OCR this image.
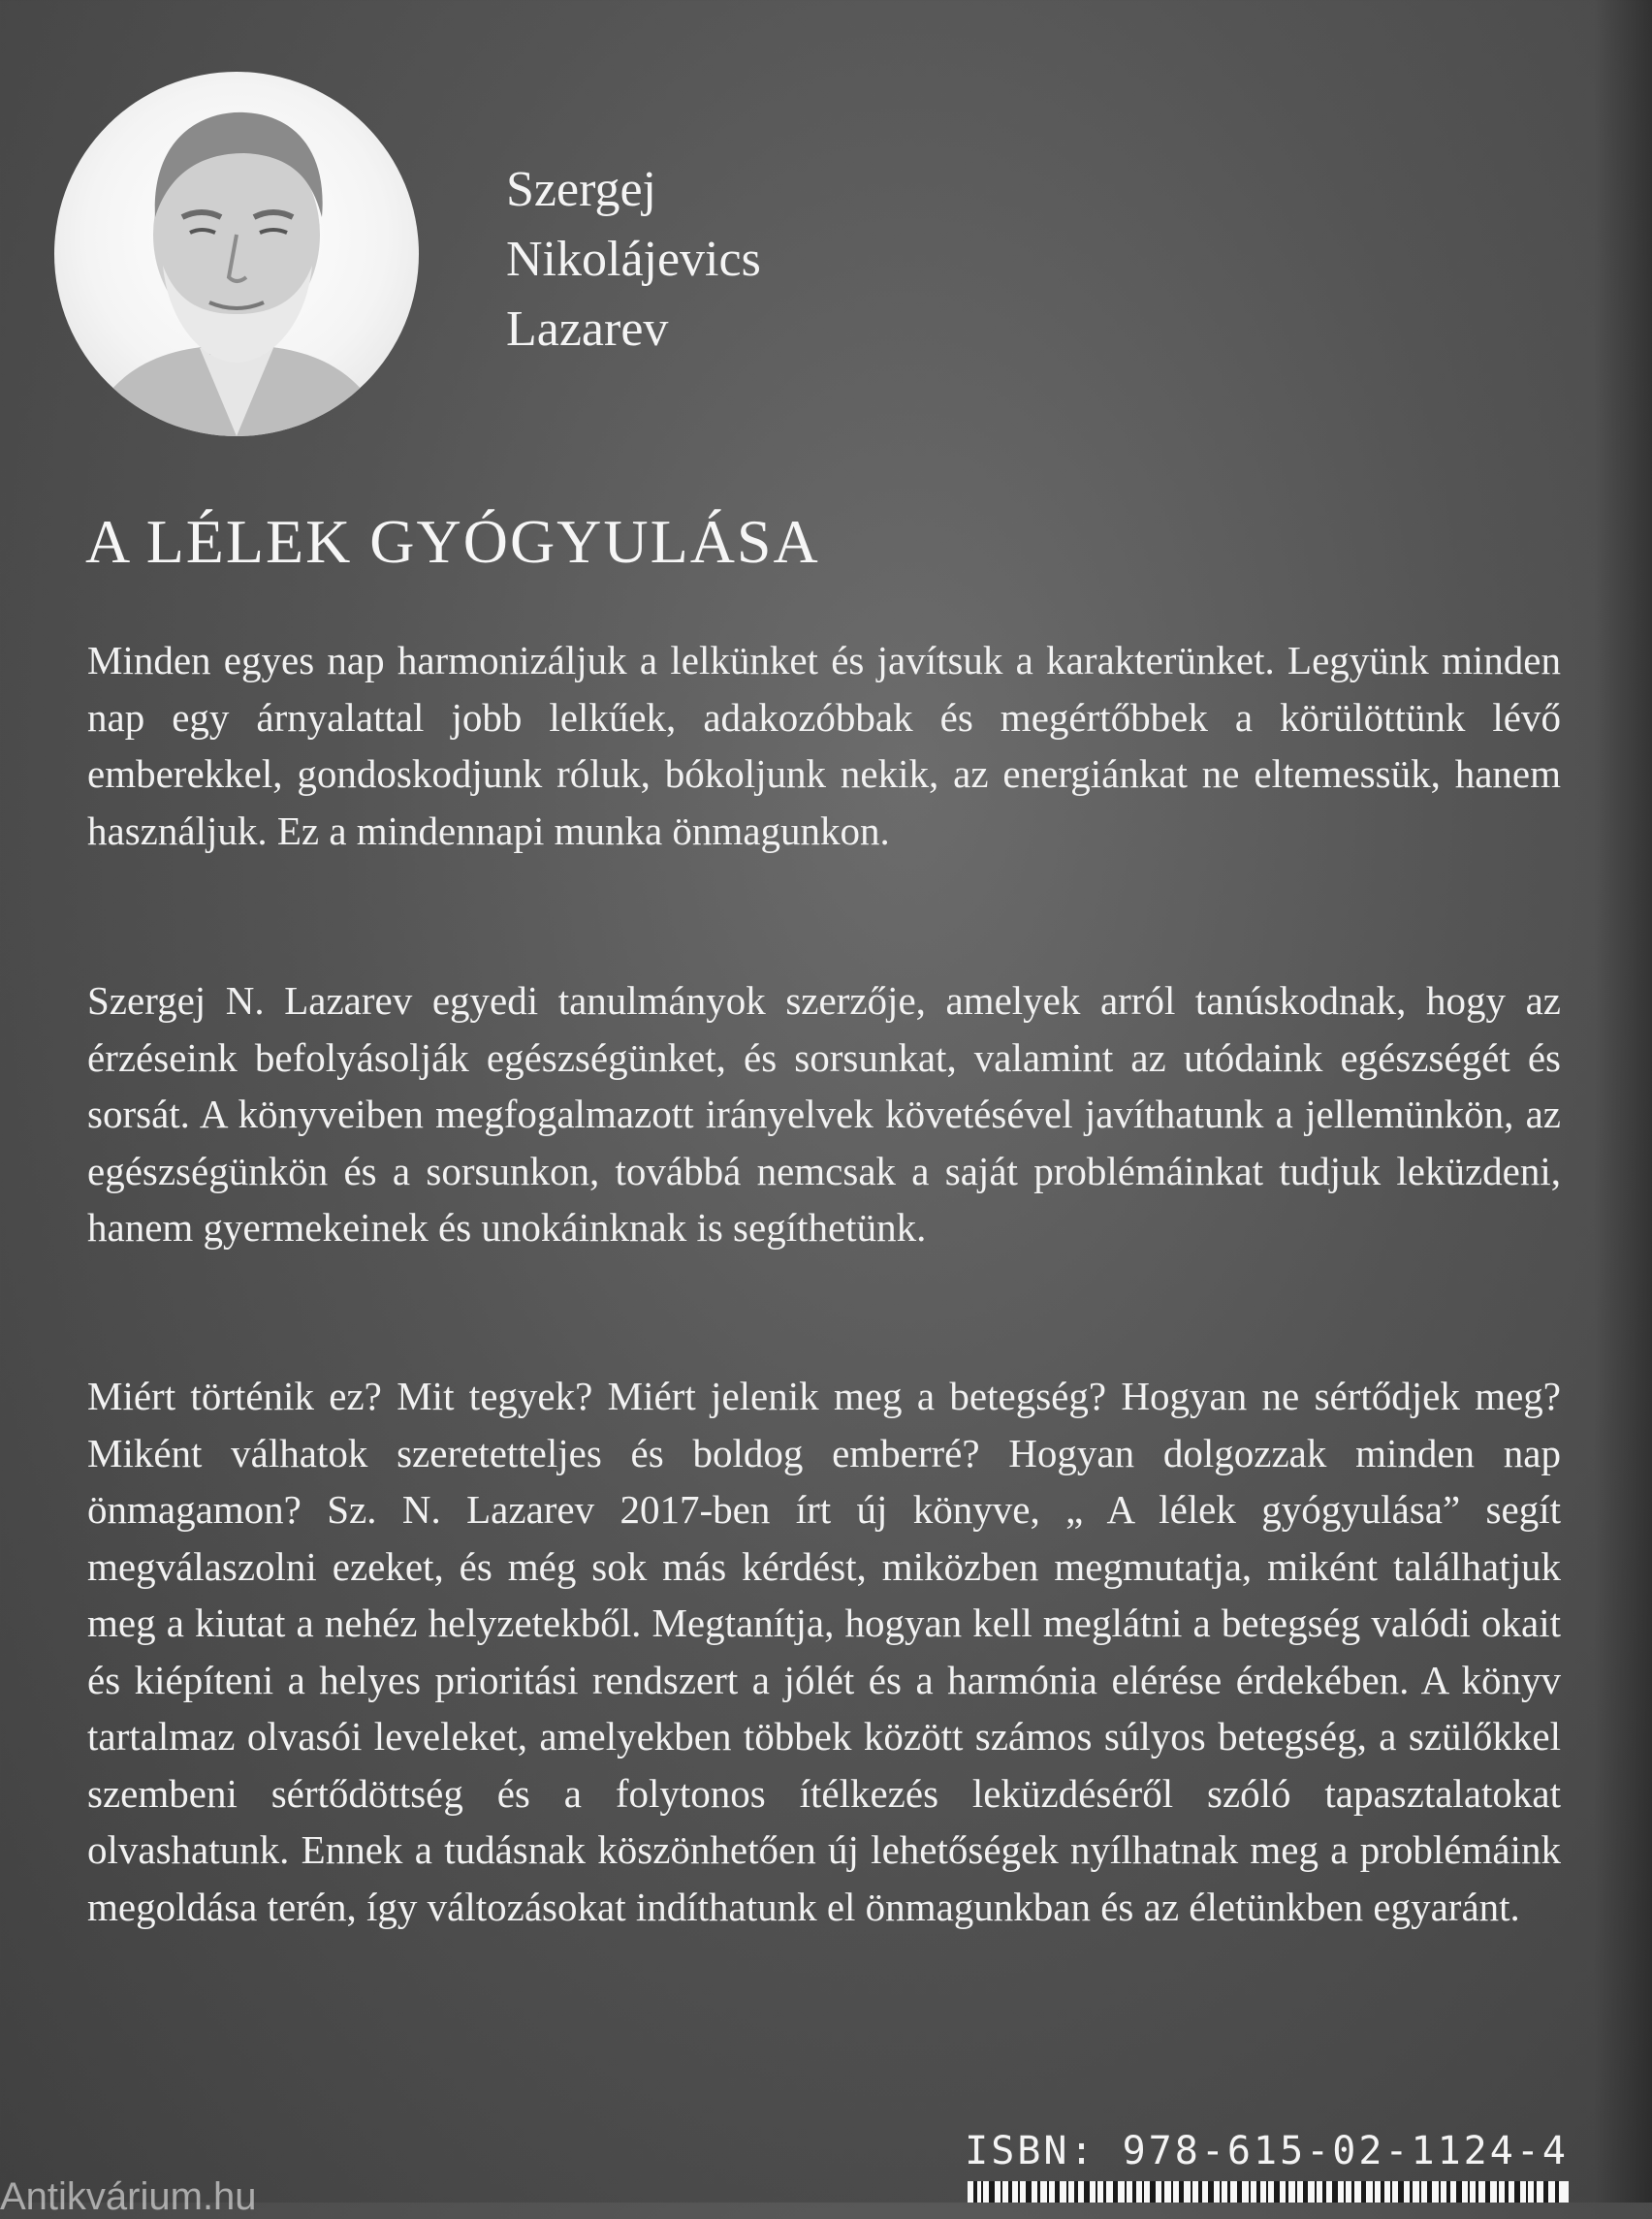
Szergej
Nikolájevics
Lazarev
A LÉLEK GYÓGYULÁSA
Minden egyes nap harmonizáljuk a lelkünket és javítsuk a karakterünket. Legyünk minden nap egy árnyalattal jobb lelkűek, adakozóbbak és megértőbbek a körülöttünk lévő emberekkel, gondoskodjunk róluk, bókoljunk nekik, az energiánkat ne eltemessük, hanem használjuk. Ez a mindennapi munka önmagunkon.
Szergej N. Lazarev egyedi tanulmányok szerzője, amelyek arról tanúskodnak, hogy az érzéseink befolyásolják egészségünket, és sorsunkat, valamint az utódaink egészségét és sorsát. A könyveiben megfogalmazott irányelvek követésével javíthatunk a jellemünkön, az egészségünkön és a sorsunkon, továbbá nemcsak a saját problémáinkat tudjuk leküzdeni, hanem gyermekeinek és unokáinknak is segíthetünk.
Miért történik ez? Mit tegyek? Miért jelenik meg a betegség? Hogyan ne sértődjek meg? Miként válhatok szeretetteljes és boldog emberré? Hogyan dolgozzak minden nap önmagamon? Sz. N. Lazarev 2017-ben írt új könyve, „ A lélek gyógyulása” segít megválaszolni ezeket, és még sok más kérdést, miközben megmutatja, miként találhatjuk meg a kiutat a nehéz helyzetekből. Megtanítja, hogyan kell meglátni a betegség valódi okait és kiépíteni a helyes prioritási rendszert a jólét és a harmónia elérése érdekében. A könyv tartalmaz olvasói leveleket, amelyekben többek között számos súlyos betegség, a szülőkkel szembeni sértődöttség és a folytonos ítélkezés leküzdéséről szóló tapasztalatokat olvashatunk. Ennek a tudásnak köszönhetően új lehetőségek nyílhatnak meg a problémáink megoldása terén, így változásokat indíthatunk el önmagunkban és az életünkben egyaránt.
ISBN: 978-615-02-1124-4
Antikvárium.hu
